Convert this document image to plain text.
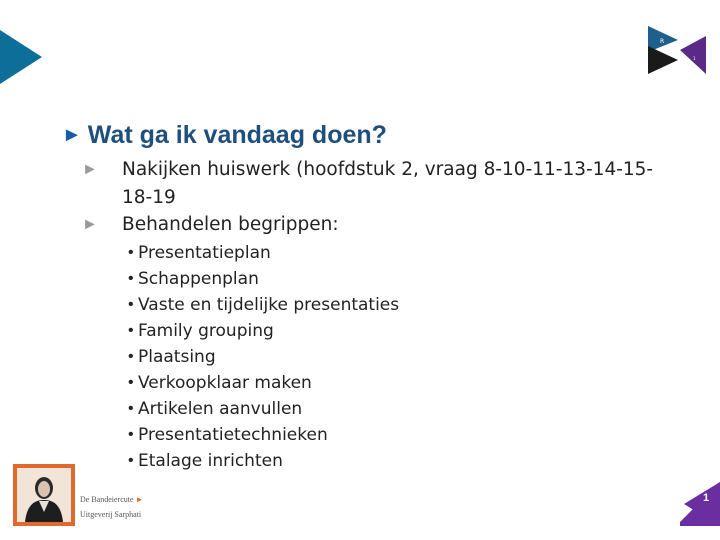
R
1
► Wat ga ik vandaag doen?
►	Nakijken huiswerk (hoofdstuk 2, vraag 8-10-11-13-14-15-
18-19
►	Behandelen begrippen:
• Presentatieplan
• Schappenplan
• Vaste en tijdelijke presentaties
• Family grouping
• Plaatsing
• Verkoopklaar maken
• Artikelen aanvullen
• Presentatietechnieken
• Etalage inrichten
De Bandeiercute ►
Uitgeverij Sarphati
1
